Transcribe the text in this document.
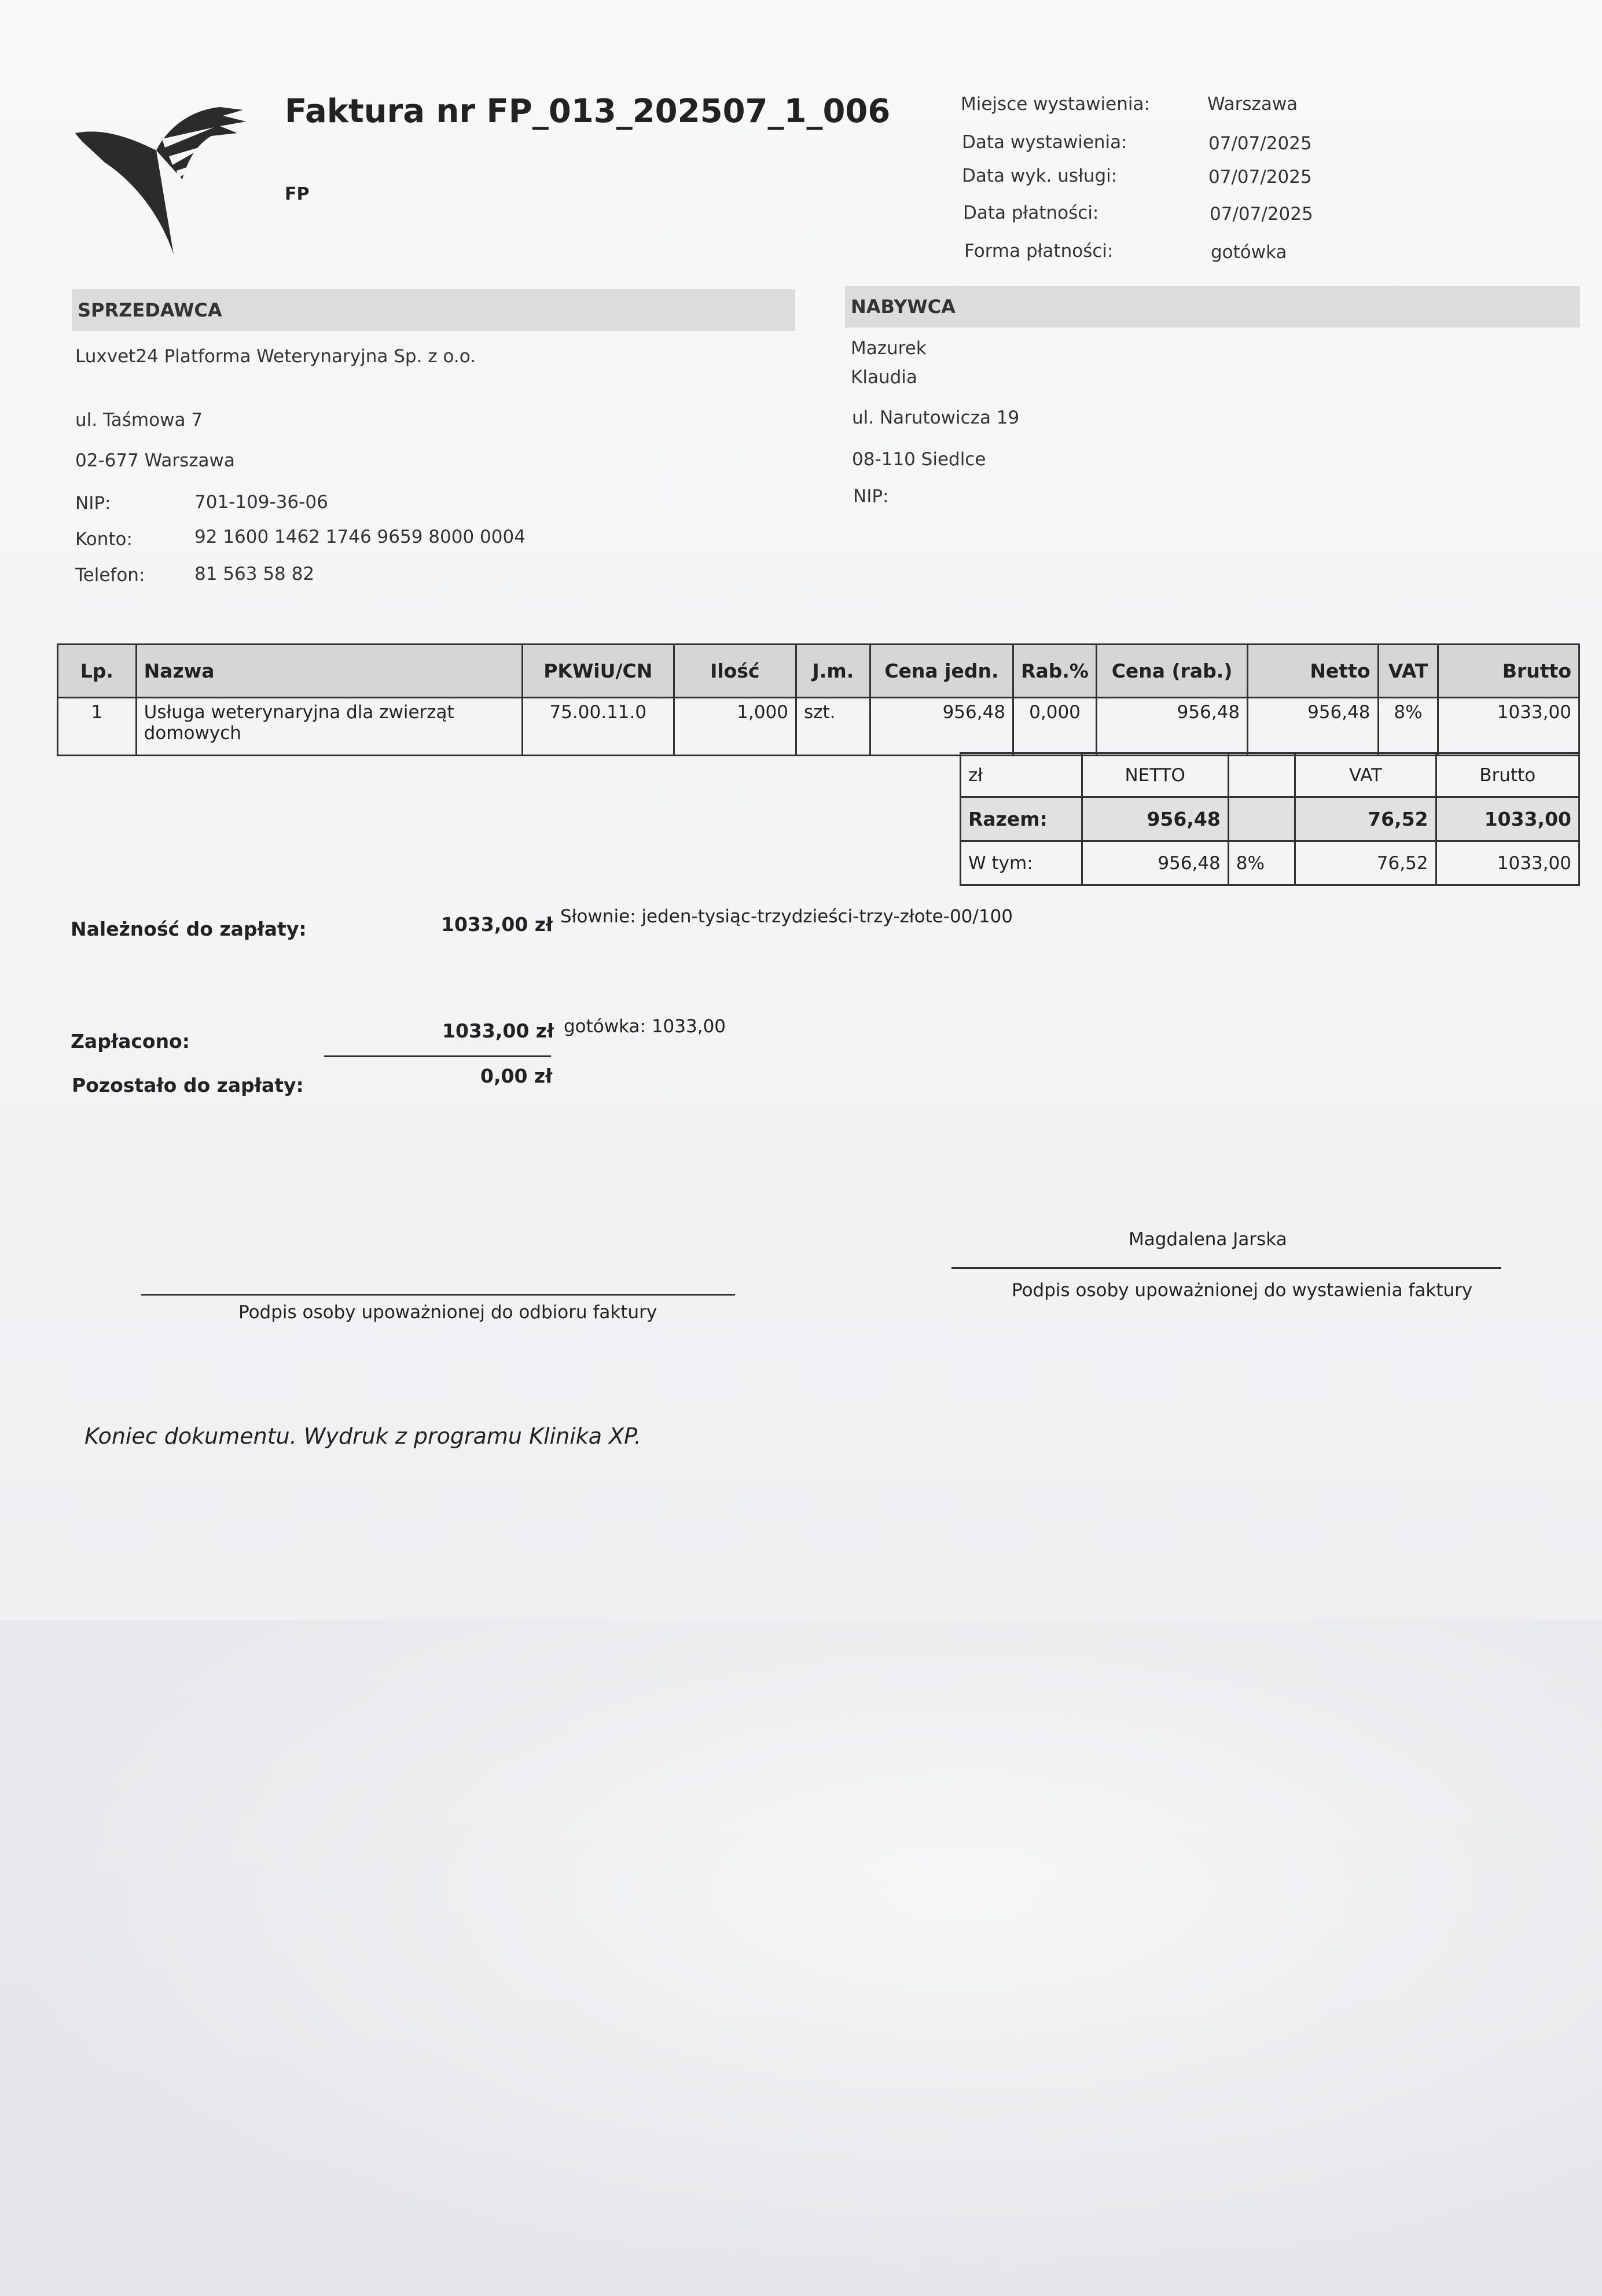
Faktura nr FP_013_202507_1_006
FP
Miejsce wystawienia:	Warszawa
Data wystawienia:	07/07/2025
Data wyk. usługi:	07/07/2025
Data płatności:	07/07/2025
Forma płatności:	gotówka
SPRZEDAWCA
Luxvet24 Platforma Weterynaryjna Sp. z o.o.
ul. Taśmowa 7
02-677 Warszawa
NIP:	701-109-36-06
Konto:	92 1600 1462 1746 9659 8000 0004
Telefon:	81 563 58 82
NABYWCA
Mazurek
Klaudia
ul. Narutowicza 19
08-110 Siedlce
NIP:
Lp.	Nazwa	PKWiU/CN	Ilość	J.m.	Cena jedn.	Rab.%	Cena (rab.)	Netto	VAT	Brutto
1	Usługa weterynaryjna dla zwierząt domowych	75.00.11.0	1,000	szt.	956,48	0,000	956,48	956,48	8%	1033,00
zł	NETTO		VAT	Brutto
Razem:	956,48		76,52	1033,00
W tym:	956,48	8%	76,52	1033,00
Należność do zapłaty:	1033,00 zł Słownie: jeden-tysiąc-trzydzieści-trzy-złote-00/100
Zapłacono:	1033,00 zł gotówka: 1033,00
Pozostało do zapłaty:	0,00 zł
Podpis osoby upoważnionej do odbioru faktury
Magdalena Jarska
Podpis osoby upoważnionej do wystawienia faktury
Koniec dokumentu. Wydruk z programu Klinika XP.
